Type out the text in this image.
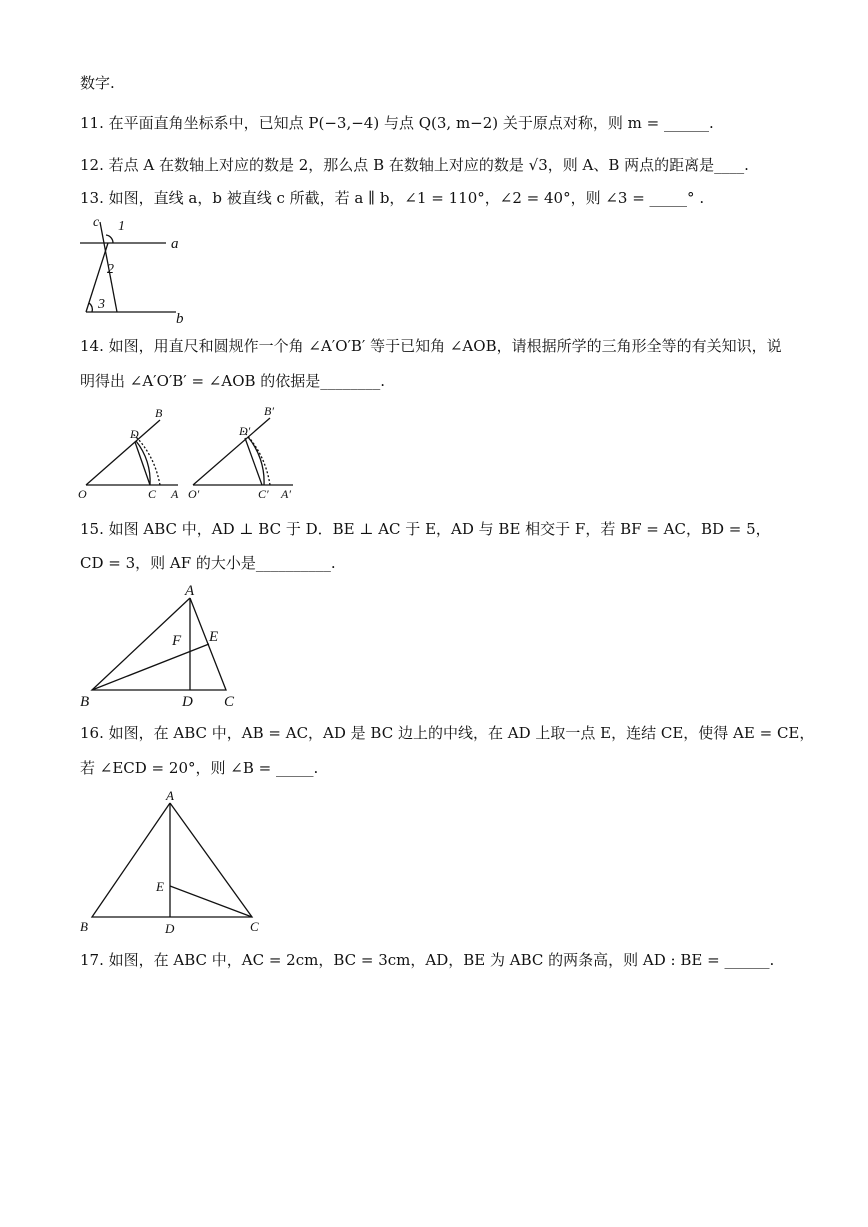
数字.
11. 在平面直角坐标系中，已知点 P(−3,−4) 与点 Q(3, m−2) 关于原点对称，则 m = ______.
12. 若点 A 在数轴上对应的数是 2，那么点 B 在数轴上对应的数是 √3，则 A、B 两点的距离是____.
13. 如图，直线 a，b 被直线 c 所截，若 a ∥ b，∠1 = 110°，∠2 = 40°，则 ∠3 = _____° .
c 1
2
3
a
b
14. 如图，用直尺和圆规作一个角 ∠A′O′B′ 等于已知角 ∠AOB，请根据所学的三角形全等的有关知识，说
明得出 ∠A′O′B′ = ∠AOB 的依据是________.
B
D
O	C A
B′
D′
O′	C′ A′
15. 如图 ABC 中，AD ⊥ BC 于 D．BE ⊥ AC 于 E，AD 与 BE 相交于 F，若 BF = AC，BD = 5，
CD = 3，则 AF 的大小是__________.
A
F E
B	D C
16. 如图，在 ABC 中，AB = AC，AD 是 BC 边上的中线，在 AD 上取一点 E，连结 CE，使得 AE = CE，
若 ∠ECD = 20°，则 ∠B = _____.
A
E
B	D	C
17. 如图，在 ABC 中，AC = 2cm，BC = 3cm，AD，BE 为 ABC 的两条高，则 AD : BE = ______.
